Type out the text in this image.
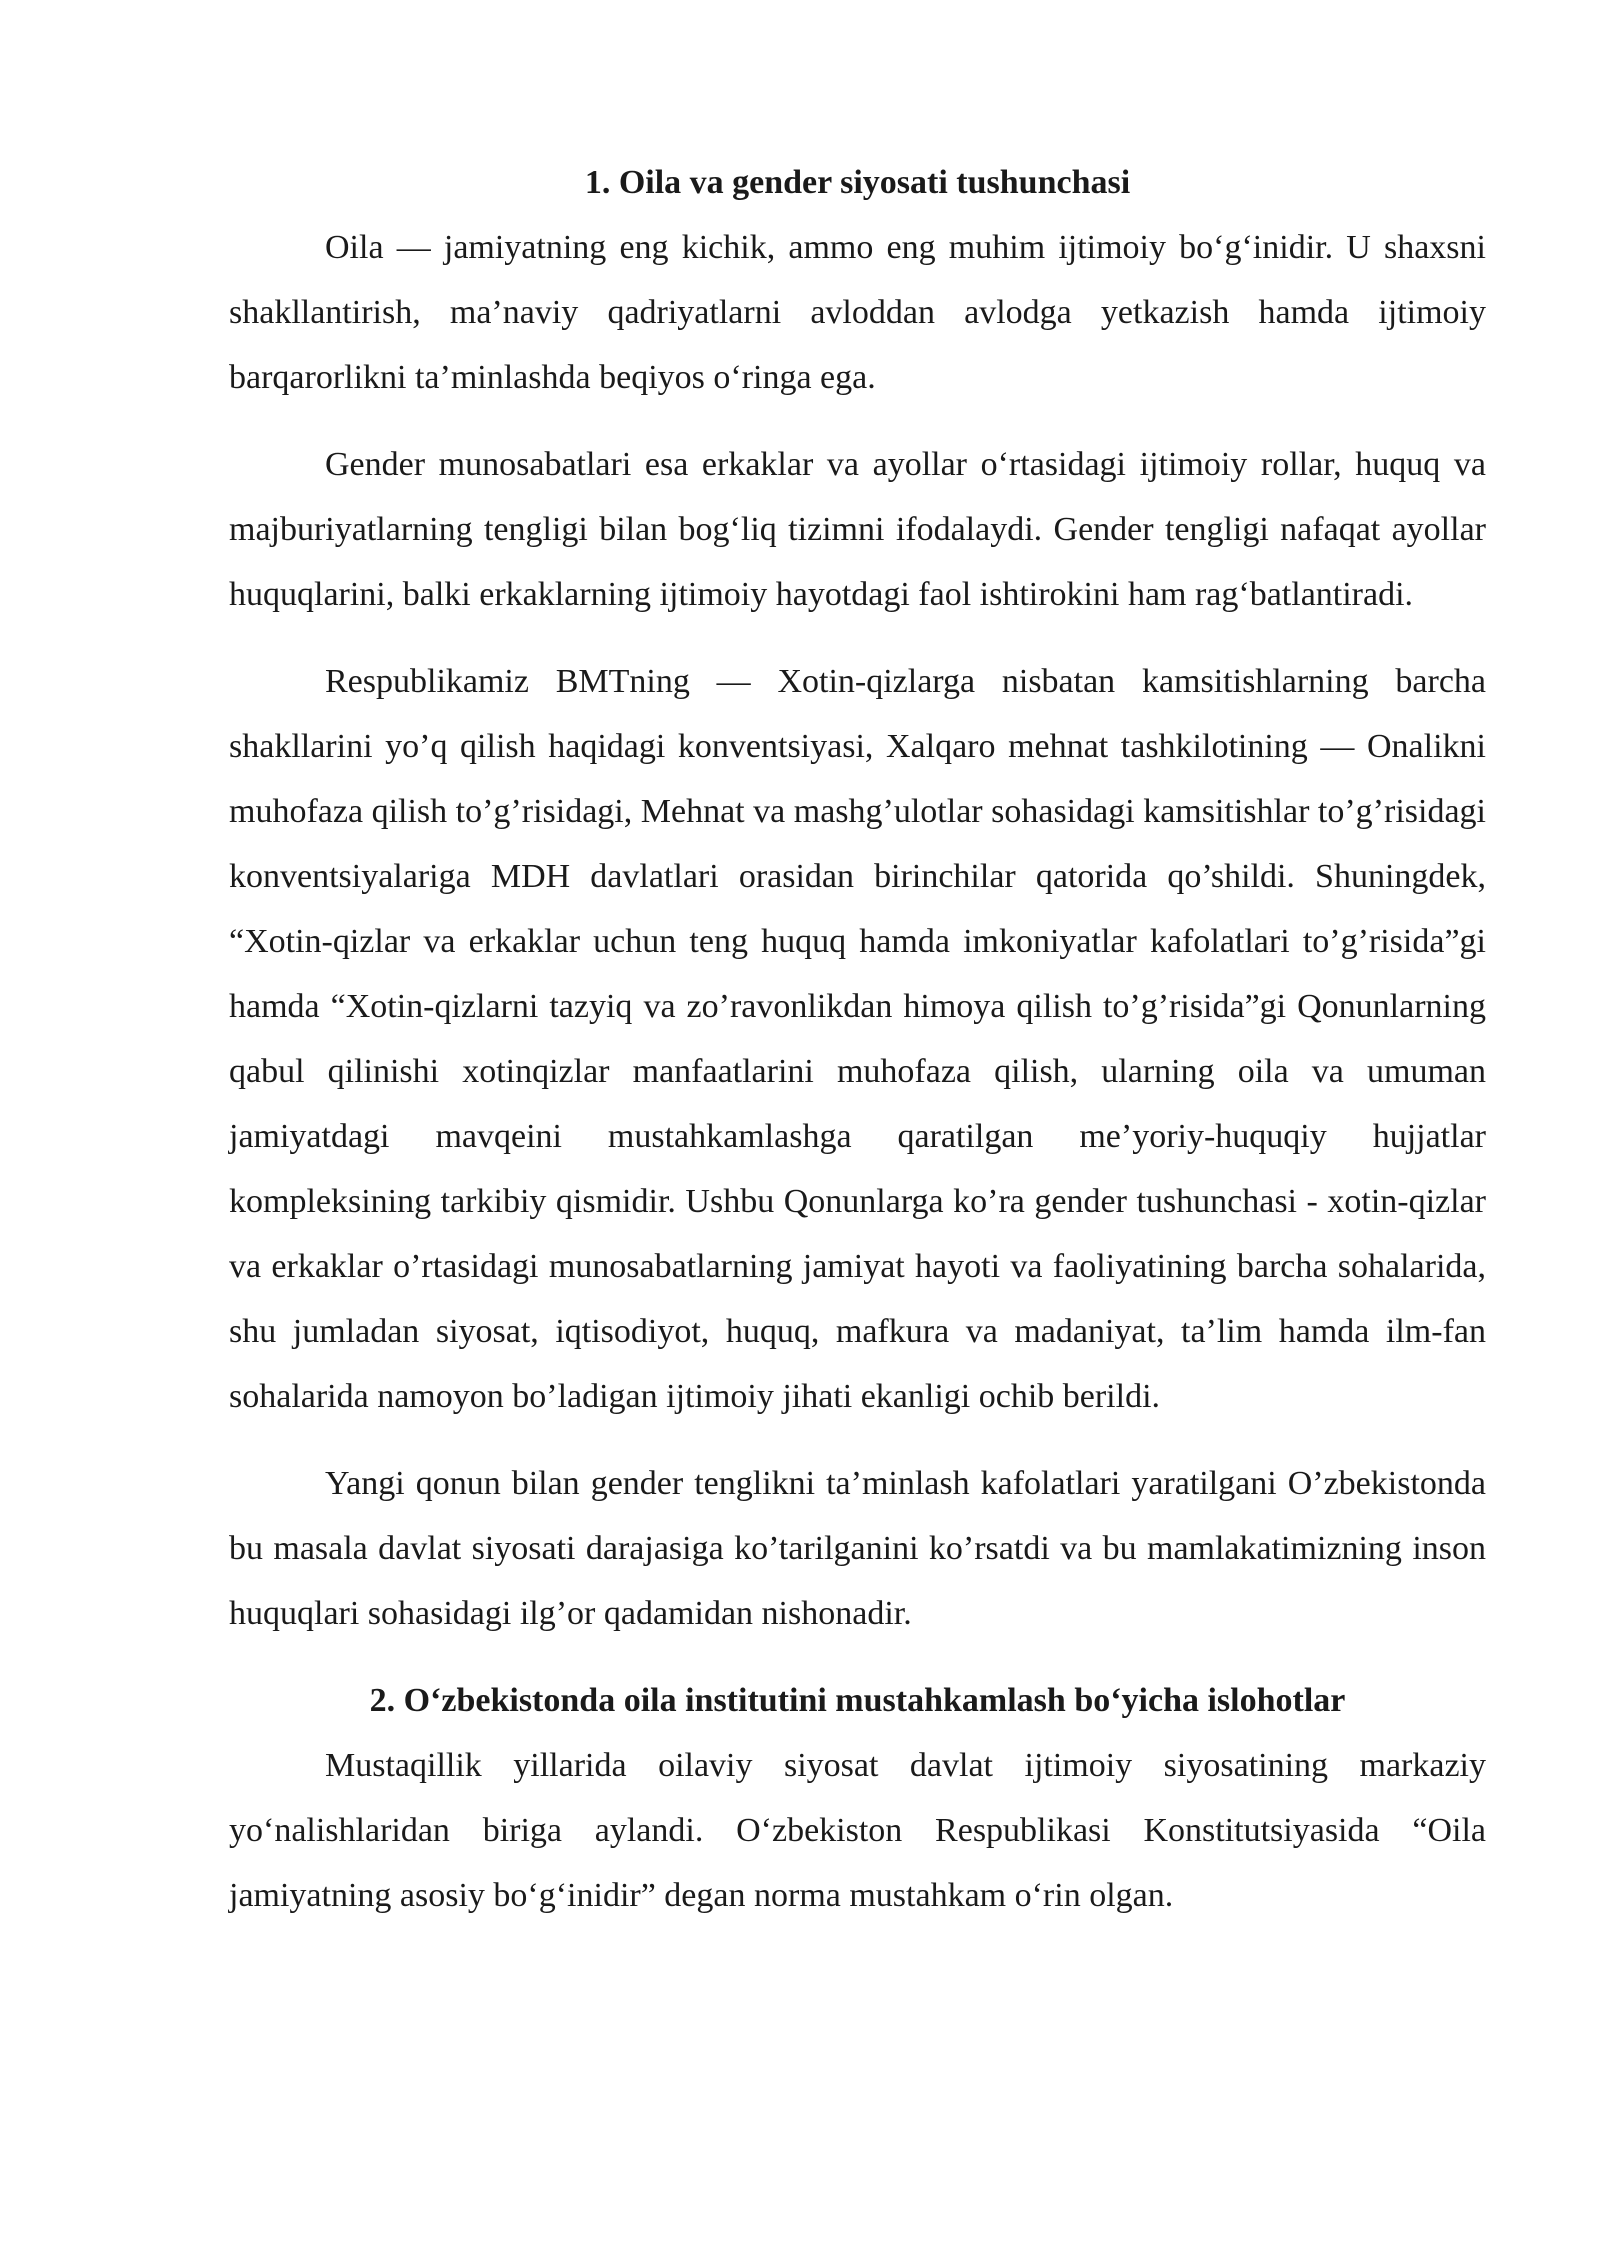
1. Oila va gender siyosati tushunchasi

Oila — jamiyatning eng kichik, ammo eng muhim ijtimoiy bo‘g‘inidir. U shaxsni shakllantirish, ma’naviy qadriyatlarni avloddan avlodga yetkazish hamda ijtimoiy barqarorlikni ta’minlashda beqiyos o‘ringa ega.

Gender munosabatlari esa erkaklar va ayollar o‘rtasidagi ijtimoiy rollar, huquq va majburiyatlarning tengligi bilan bog‘liq tizimni ifodalaydi. Gender tengligi nafaqat ayollar huquqlarini, balki erkaklarning ijtimoiy hayotdagi faol ishtirokini ham rag‘batlantiradi.

Respublikamiz BMTning — Xotin-qizlarga nisbatan kamsitishlarning barcha shakllarini yo’q qilish haqidagi konventsiyasi, Xalqaro mehnat tashkilotining — Onalikni muhofaza qilish to’g’risidagi, Mehnat va mashg’ulotlar sohasidagi kamsitishlar to’g’risidagi konventsiyalariga MDH davlatlari orasidan birinchilar qatorida qo’shildi. Shuningdek, “Xotin-qizlar va erkaklar uchun teng huquq hamda imkoniyatlar kafolatlari to’g’risida”gi hamda “Xotin-qizlarni tazyiq va zo’ravonlikdan himoya qilish to’g’risida”gi Qonunlarning qabul qilinishi xotinqizlar manfaatlarini muhofaza qilish, ularning oila va umuman jamiyatdagi mavqeini mustahkamlashga qaratilgan me’yoriy-huquqiy hujjatlar kompleksining tarkibiy qismidir. Ushbu Qonunlarga ko’ra gender tushunchasi - xotin-qizlar va erkaklar o’rtasidagi munosabatlarning jamiyat hayoti va faoliyatining barcha sohalarida, shu jumladan siyosat, iqtisodiyot, huquq, mafkura va madaniyat, ta’lim hamda ilm-fan sohalarida namoyon bo’ladigan ijtimoiy jihati ekanligi ochib berildi.

Yangi qonun bilan gender tenglikni ta’minlash kafolatlari yaratilgani O’zbekistonda bu masala davlat siyosati darajasiga ko’tarilganini ko’rsatdi va bu mamlakatimizning inson huquqlari sohasidagi ilg’or qadamidan nishonadir.

2. O‘zbekistonda oila institutini mustahkamlash bo‘yicha islohotlar

Mustaqillik yillarida oilaviy siyosat davlat ijtimoiy siyosatining markaziy yo‘nalishlaridan biriga aylandi. O‘zbekiston Respublikasi Konstitutsiyasida “Oila jamiyatning asosiy bo‘g‘inidir” degan norma mustahkam o‘rin olgan.
